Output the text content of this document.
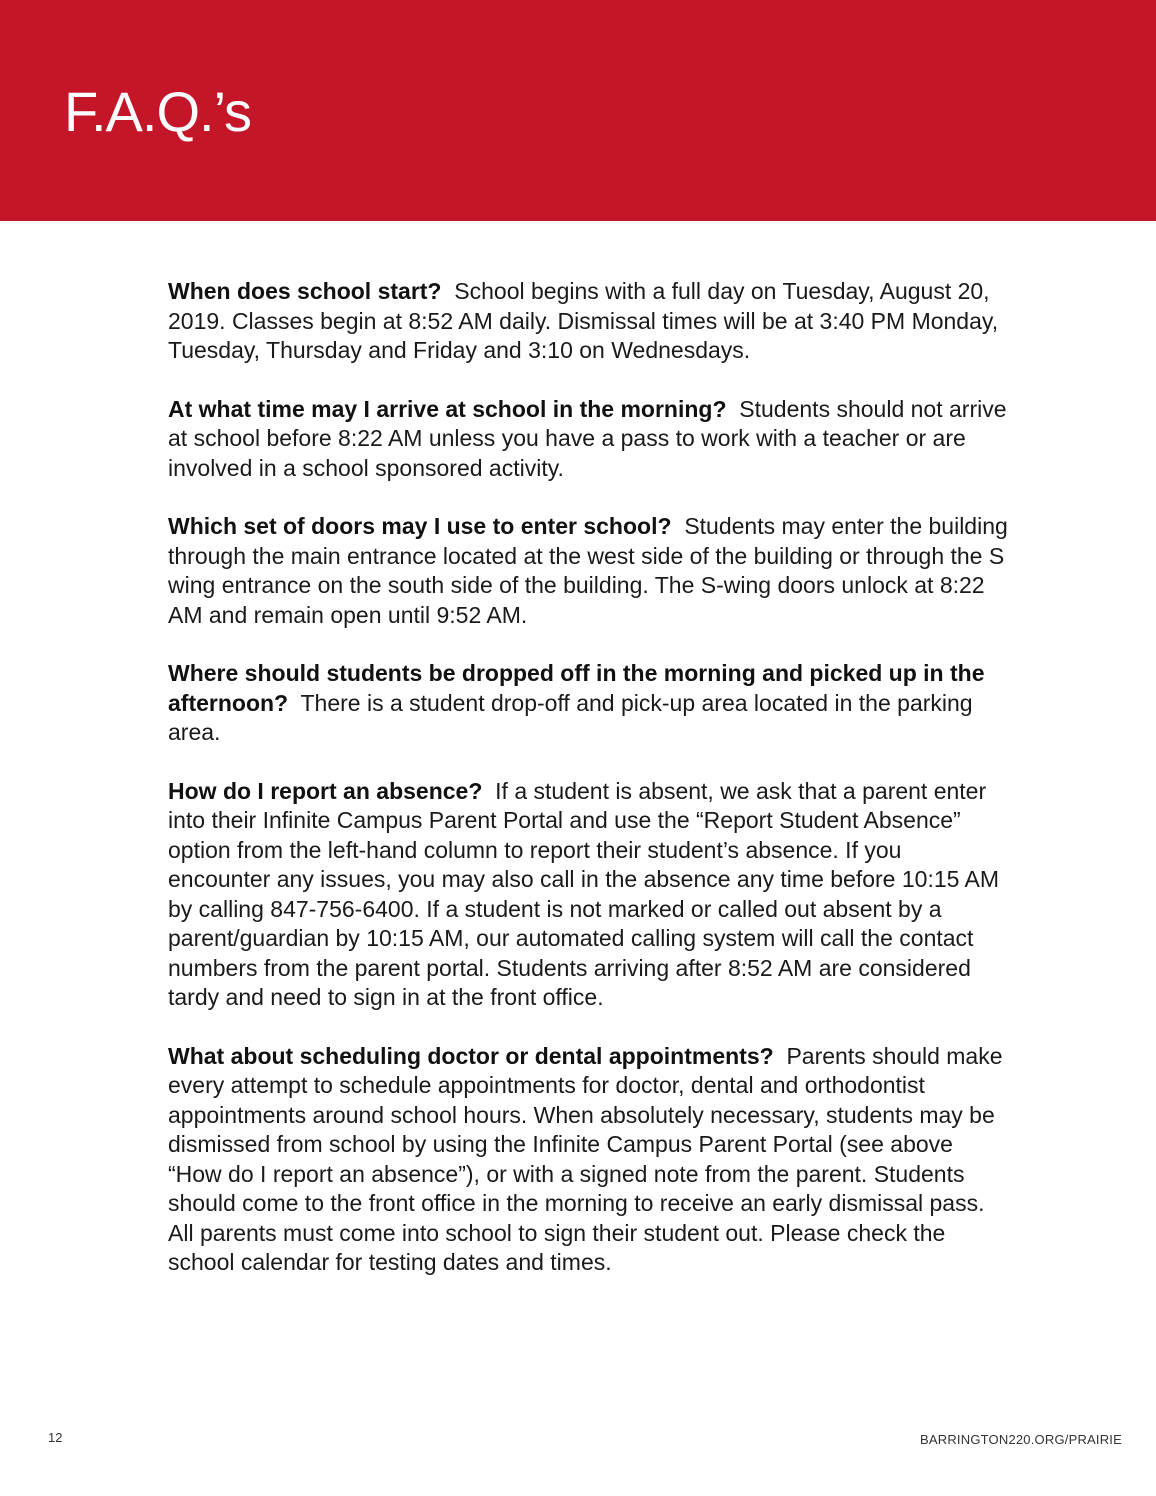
F.A.Q.’s

When does school start? School begins with a full day on Tuesday, August 20, 2019. Classes begin at 8:52 AM daily. Dismissal times will be at 3:40 PM Monday, Tuesday, Thursday and Friday and 3:10 on Wednesdays.

At what time may I arrive at school in the morning? Students should not arrive at school before 8:22 AM unless you have a pass to work with a teacher or are involved in a school sponsored activity.

Which set of doors may I use to enter school? Students may enter the building through the main entrance located at the west side of the building or through the S wing entrance on the south side of the building. The S-wing doors unlock at 8:22 AM and remain open until 9:52 AM.

Where should students be dropped off in the morning and picked up in the afternoon? There is a student drop-off and pick-up area located in the parking area.

How do I report an absence? If a student is absent, we ask that a parent enter into their Infinite Campus Parent Portal and use the “Report Student Absence” option from the left-hand column to report their student’s absence. If you encounter any issues, you may also call in the absence any time before 10:15 AM by calling 847-756-6400. If a student is not marked or called out absent by a parent/guardian by 10:15 AM, our automated calling system will call the contact numbers from the parent portal. Students arriving after 8:52 AM are considered tardy and need to sign in at the front office.

What about scheduling doctor or dental appointments? Parents should make every attempt to schedule appointments for doctor, dental and orthodontist appointments around school hours. When absolutely necessary, students may be dismissed from school by using the Infinite Campus Parent Portal (see above “How do I report an absence”), or with a signed note from the parent. Students should come to the front office in the morning to receive an early dismissal pass. All parents must come into school to sign their student out. Please check the school calendar for testing dates and times.

12	BARRINGTON220.ORG/PRAIRIE
